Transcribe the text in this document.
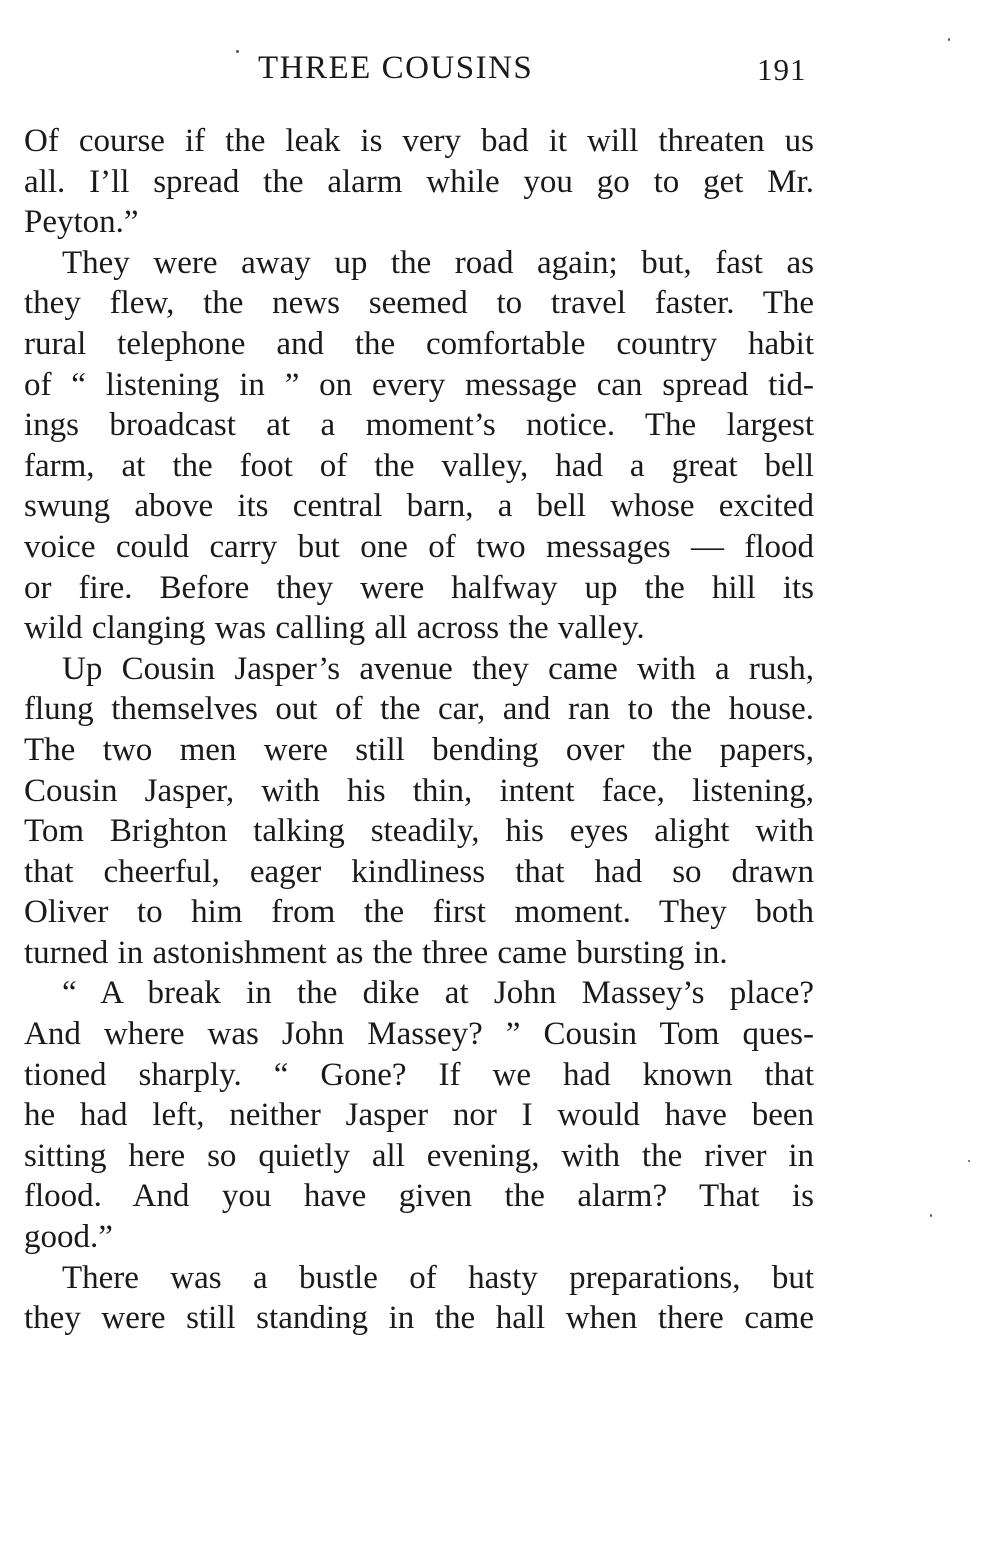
THREE COUSINS	191
Of course if the leak is very bad it will threaten us
all. I’ll spread the alarm while you go to get Mr.
Peyton.”
They were away up the road again; but, fast as
they flew, the news seemed to travel faster. The
rural telephone and the comfortable country habit
of “ listening in ” on every message can spread tid-
ings broadcast at a moment’s notice. The largest
farm, at the foot of the valley, had a great bell
swung above its central barn, a bell whose excited
voice could carry but one of two messages — flood
or fire. Before they were halfway up the hill its
wild clanging was calling all across the valley.
Up Cousin Jasper’s avenue they came with a rush,
flung themselves out of the car, and ran to the house.
The two men were still bending over the papers,
Cousin Jasper, with his thin, intent face, listening,
Tom Brighton talking steadily, his eyes alight with
that cheerful, eager kindliness that had so drawn
Oliver to him from the first moment. They both
turned in astonishment as the three came bursting in.
“ A break in the dike at John Massey’s place?
And where was John Massey? ” Cousin Tom ques-
tioned sharply. “ Gone? If we had known that
he had left, neither Jasper nor I would have been
sitting here so quietly all evening, with the river in
flood. And you have given the alarm? That is
good.”
There was a bustle of hasty preparations, but
they were still standing in the hall when there came
